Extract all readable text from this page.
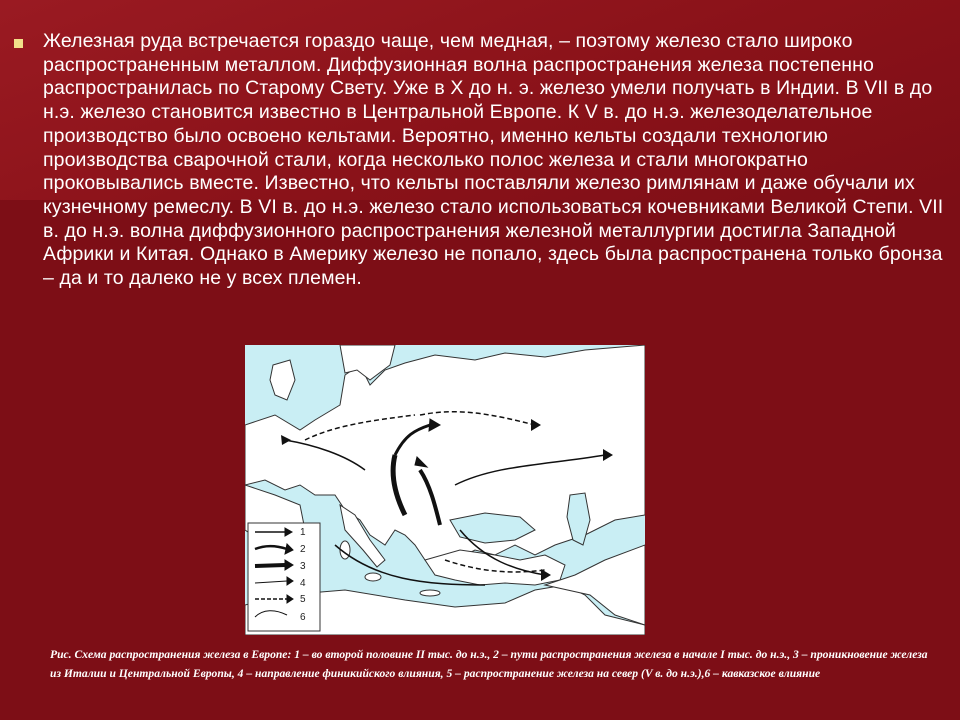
Железная руда встречается гораздо чаще, чем медная, – поэтому железо стало широко распространенным металлом. Диффузионная волна распространения железа постепенно распространилась по Старому Свету. Уже в X до н. э. железо умели получать в Индии. В VII в до н.э. железо становится известно в Центральной Европе. К V в. до н.э. железоделательное производство было освоено кельтами. Вероятно, именно кельты создали технологию производства сварочной стали, когда несколько полос железа и стали многократно проковывались вместе. Известно, что кельты поставляли железо римлянам и даже обучали их кузнечному ремеслу. В VI в. до н.э. железо стало использоваться кочевниками Великой Степи. VII в. до н.э. волна диффузионного распространения железной металлургии достигла Западной Африки и Китая. Однако в Америку железо не попало, здесь была распространена только бронза – да и то далеко не у всех племен.

1
2
3
4
5
6

Рис. Схема распространения железа в Европе: 1 – во второй половине II тыс. до н.э., 2 – пути распространения железа в начале I тыс. до н.э., 3 – проникновение железа из Италии и Центральной Европы, 4 – направление финикийского влияния, 5 – распространение железа на север (V в. до н.э.),6 – кавказское влияние
